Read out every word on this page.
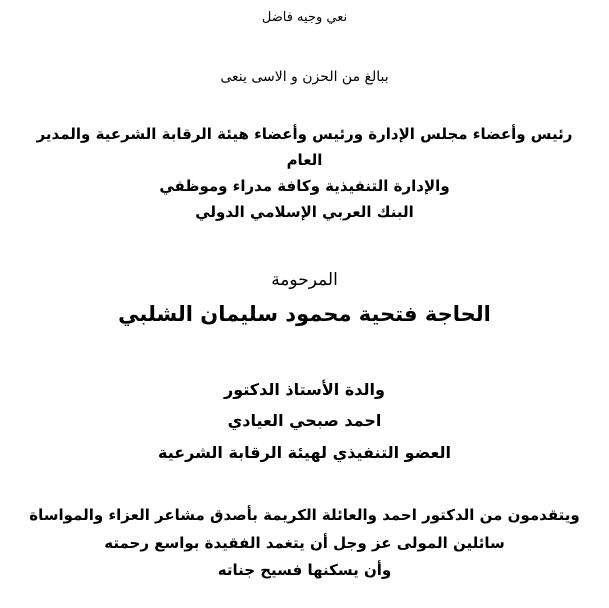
نعي وجيه فاضل
ببالغ من الحزن و الاسى ينعى
رئيس وأعضاء مجلس الإدارة ورئيس وأعضاء هيئة الرقابة الشرعية والمدير
العام
والإدارة التنفيذية وكافة مدراء وموظفي
البنك العربي الإسلامي الدولي
المرحومة
الحاجة فتحية محمود سليمان الشلبي
والدة الأستاذ الدكتور
احمد صبحي العيادي
العضو التنفيذي لهيئة الرقابة الشرعية
ويتقدمون من الدكتور احمد والعائلة الكريمة بأصدق مشاعر العزاء والمواساة
سائلين المولى عز وجل أن يتغمد الفقيدة بواسع رحمته
وأن يسكنها فسيح جناته
